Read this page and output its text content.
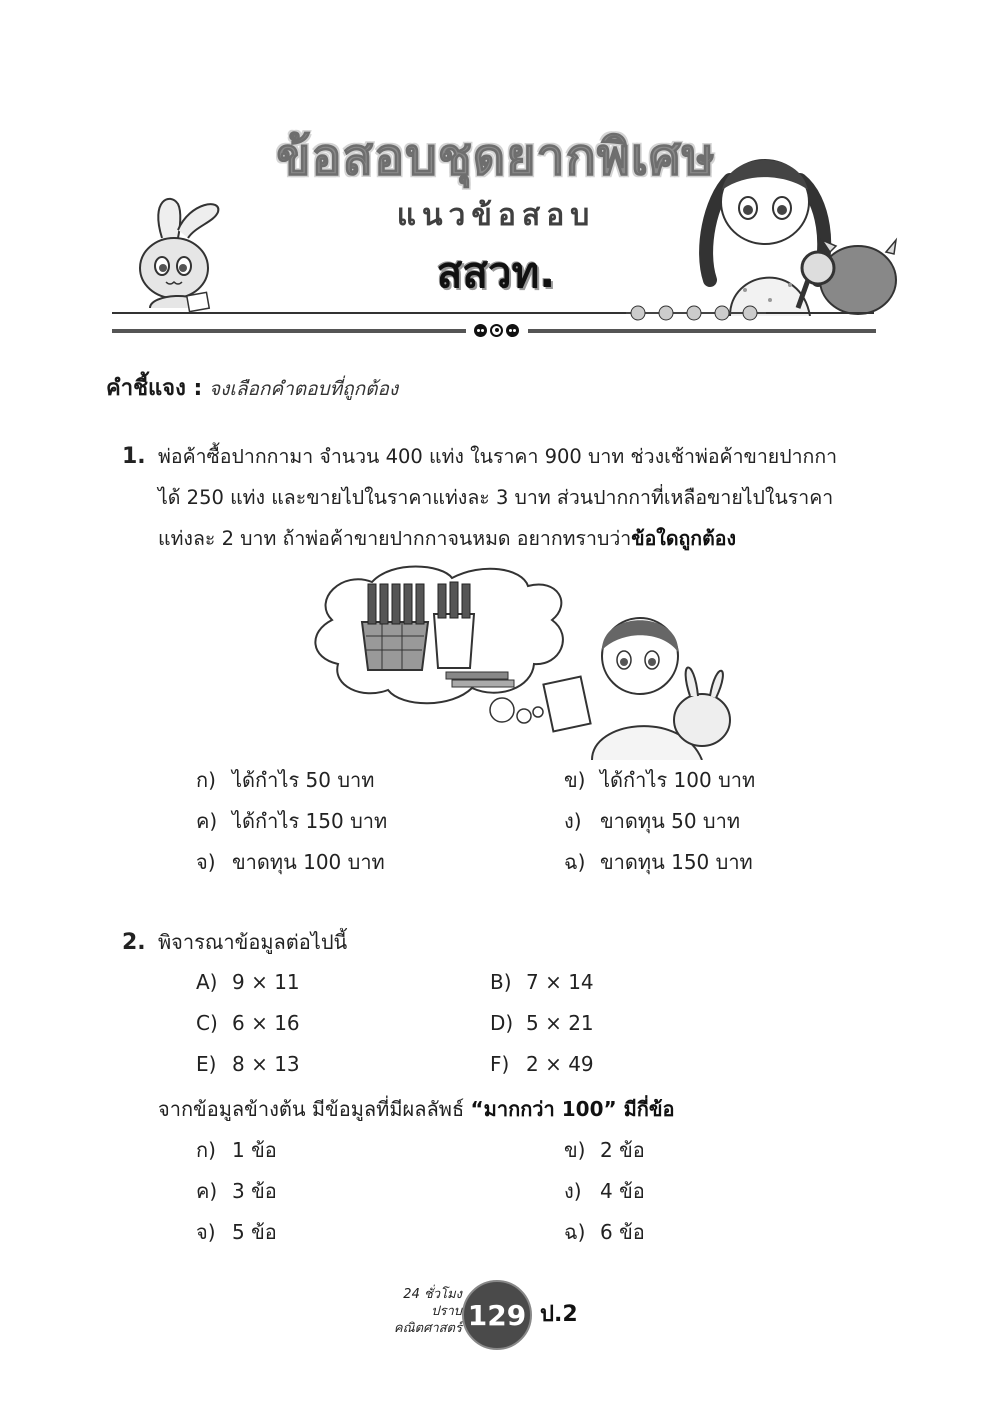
ข้อสอบชุดยากพิเศษ
แนวข้อสอบ
สสวท.
คำชี้แจง : จงเลือกคำตอบที่ถูกต้อง
1. พ่อค้าซื้อปากกามา จำนวน 400 แท่ง ในราคา 900 บาท ช่วงเช้าพ่อค้าขายปากกา
ได้ 250 แท่ง และขายไปในราคาแท่งละ 3 บาท ส่วนปากกาที่เหลือขายไปในราคา
แท่งละ 2 บาท ถ้าพ่อค้าขายปากกาจนหมด อยากทราบว่าข้อใดถูกต้อง
ก) ได้กำไร 50 บาท	ข) ได้กำไร 100 บาท
ค) ได้กำไร 150 บาท	ง) ขาดทุน 50 บาท
จ) ขาดทุน 100 บาท	ฉ) ขาดทุน 150 บาท
2. พิจารณาข้อมูลต่อไปนี้
A) 9 × 11	B) 7 × 14
C) 6 × 16	D) 5 × 21
E) 8 × 13	F) 2 × 49
จากข้อมูลข้างต้น มีข้อมูลที่มีผลลัพธ์ “มากกว่า 100” มีกี่ข้อ
ก) 1 ข้อ	ข) 2 ข้อ
ค) 3 ข้อ	ง) 4 ข้อ
จ) 5 ข้อ	ฉ) 6 ข้อ
24 ชั่วโมง
ปราบ
คณิตศาสตร์ 129 ป.2
